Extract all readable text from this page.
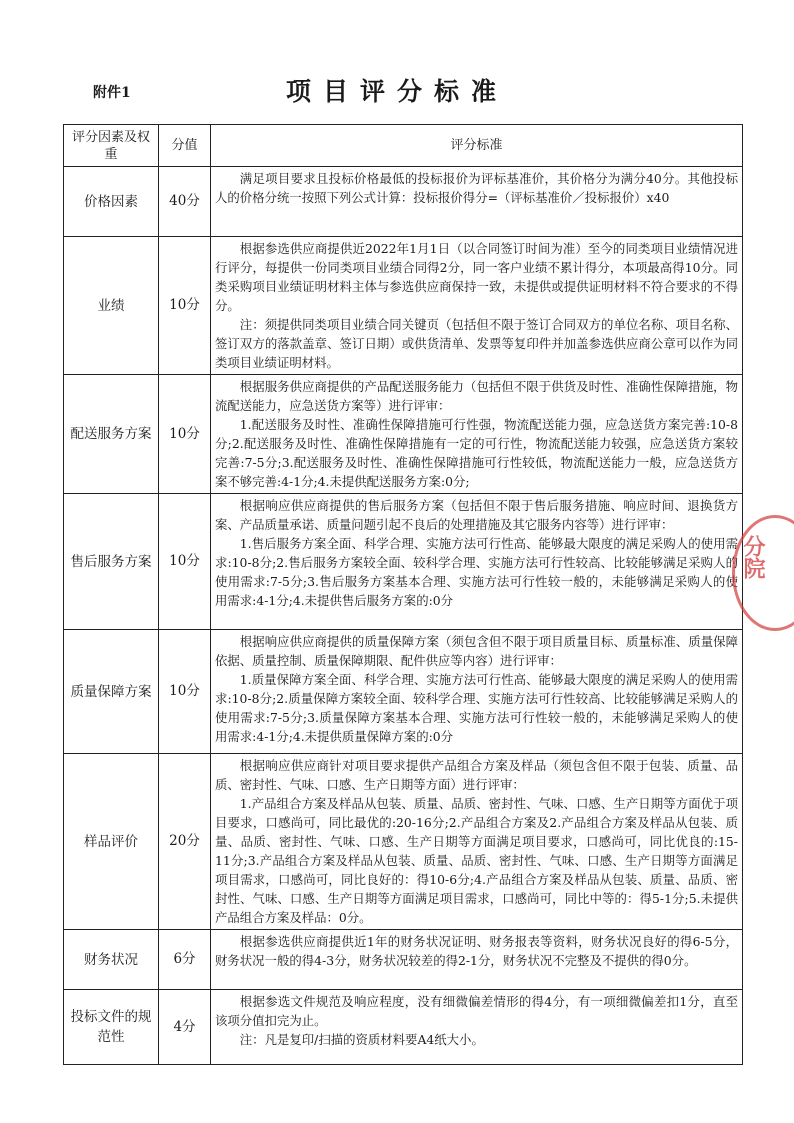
附件1	项目评分标准
评分因素及权重	分值	评分标准
价格因素	40分	满足项目要求且投标价格最低的投标报价为评标基准价，其价格分为满分40分。其他投标人的价格分统一按照下列公式计算：投标报价得分=（评标基准价／投标报价）x40

业绩	10分	根据参选供应商提供近2022年1月1日（以合同签订时间为准）至今的同类项目业绩情况进行评分，每提供一份同类项目业绩合同得2分，同一客户业绩不累计得分，本项最高得10分。同类采购项目业绩证明材料主体与参选供应商保持一致，未提供或提供证明材料不符合要求的不得分。

注：须提供同类项目业绩合同关键页（包括但不限于签订合同双方的单位名称、项目名称、签订双方的落款盖章、签订日期）或供货清单、发票等复印件并加盖参选供应商公章可以作为同类项目业绩证明材料。

配送服务方案	10分	根据服务供应商提供的产品配送服务能力（包括但不限于供货及时性、准确性保障措施，物流配送能力，应急送货方案等）进行评审：

1.配送服务及时性、准确性保障措施可行性强，物流配送能力强，应急送货方案完善:10-8分;2.配送服务及时性、准确性保障措施有一定的可行性，物流配送能力较强，应急送货方案较完善:7-5分;3.配送服务及时性、准确性保障措施可行性较低，物流配送能力一般，应急送货方案不够完善:4-1分;4.未提供配送服务方案:0分;

售后服务方案	10分	根据响应供应商提供的售后服务方案（包括但不限于售后服务措施、响应时间、退换货方案、产品质量承诺、质量问题引起不良后的处理措施及其它服务内容等）进行评审：

1.售后服务方案全面、科学合理、实施方法可行性高、能够最大限度的满足采购人的使用需求:10-8分;2.售后服务方案较全面、较科学合理、实施方法可行性较高、比较能够满足采购人的使用需求:7-5分;3.售后服务方案基本合理、实施方法可行性较一般的，未能够满足采购人的使用需求:4-1分;4.未提供售后服务方案的:0分

质量保障方案	10分	根据响应供应商提供的质量保障方案（须包含但不限于项目质量目标、质量标准、质量保障依据、质量控制、质量保障期限、配件供应等内容）进行评审：

1.质量保障方案全面、科学合理、实施方法可行性高、能够最大限度的满足采购人的使用需求:10-8分;2.质量保障方案较全面、较科学合理、实施方法可行性较高、比较能够满足采购人的使用需求:7-5分;3.质量保障方案基本合理、实施方法可行性较一般的，未能够满足采购人的使用需求:4-1分;4.未提供质量保障方案的:0分

样品评价	20分	根据响应供应商针对项目要求提供产品组合方案及样品（须包含但不限于包装、质量、品质、密封性、气味、口感、生产日期等方面）进行评审：

1.产品组合方案及样品从包装、质量、品质、密封性、气味、口感、生产日期等方面优于项目要求，口感尚可，同比最优的:20-16分;2.产品组合方案及2.产品组合方案及样品从包装、质量、品质、密封性、气味、口感、生产日期等方面满足项目要求，口感尚可，同比优良的:15-11分;3.产品组合方案及样品从包装、质量、品质、密封性、气味、口感、生产日期等方面满足项目需求，口感尚可，同比良好的：得10-6分;4.产品组合方案及样品从包装、质量、品质、密封性、气味、口感、生产日期等方面满足项目需求，口感尚可，同比中等的：得5-1分;5.未提供产品组合方案及样品：0分。

财务状况	6分	根据参选供应商提供近1年的财务状况证明、财务报表等资料，财务状况良好的得6-5分，财务状况一般的得4-3分，财务状况较差的得2-1分，财务状况不完整及不提供的得0分。

投标文件的规范性	4分	根据参选文件规范及响应程度，没有细微偏差情形的得4分，有一项细微偏差扣1分，直至该项分值扣完为止。

注：凡是复印/扫描的资质材料要A4纸大小。

分院
